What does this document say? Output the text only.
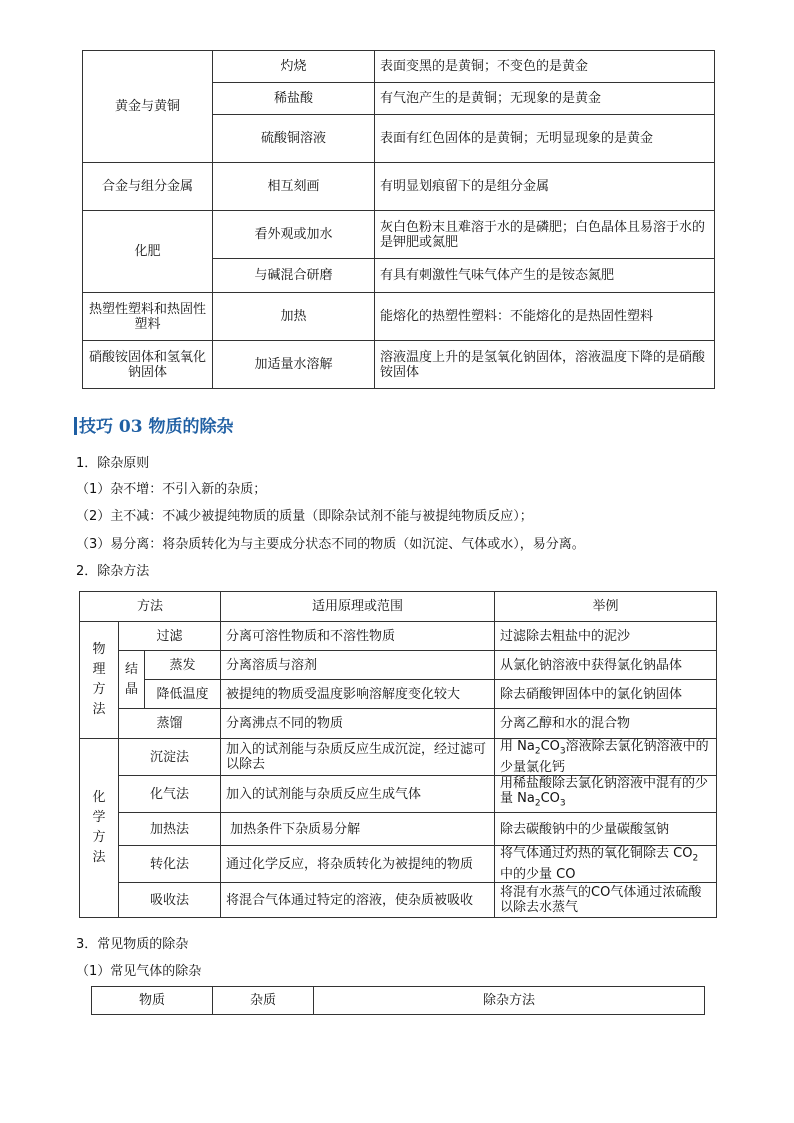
黄金与黄铜	灼烧	表面变黑的是黄铜；不变色的是黄金
	稀盐酸	有气泡产生的是黄铜；无现象的是黄金
	硫酸铜溶液	表面有红色固体的是黄铜；无明显现象的是黄金
合金与组分金属	相互刻画	有明显划痕留下的是组分金属
化肥	看外观或加水	灰白色粉末且难溶于水的是磷肥；白色晶体且易溶于水的是钾肥或氮肥
	与碱混合研磨	有具有刺激性气味气体产生的是铵态氮肥
热塑性塑料和热固性塑料	加热	能熔化的热塑性塑料：不能熔化的是热固性塑料
硝酸铵固体和氢氧化钠固体	加适量水溶解	溶液温度上升的是氢氧化钠固体，溶液温度下降的是硝酸铵固体
技巧 03 物质的除杂
1．除杂原则
（1）杂不增：不引入新的杂质；
（2）主不减：不减少被提纯物质的质量（即除杂试剂不能与被提纯物质反应）；
（3）易分离：将杂质转化为与主要成分状态不同的物质（如沉淀、气体或水），易分离。
2．除杂方法
方法			适用原理或范围	举例
物理方法	过滤		分离可溶性物质和不溶性物质	过滤除去粗盐中的泥沙
	结晶	蒸发	分离溶质与溶剂	从氯化钠溶液中获得氯化钠晶体
		降低温度	被提纯的物质受温度影响溶解度变化较大	除去硝酸钾固体中的氯化钠固体
	蒸馏		分离沸点不同的物质	分离乙醇和水的混合物
化学方法	沉淀法		加入的试剂能与杂质反应生成沉淀，经过滤可以除去	用 $Na_2CO_3$溶液除去氯化钠溶液中的少量氯化钙
	化气法		加入的试剂能与杂质反应生成气体	用稀盐酸除去氯化钠溶液中混有的少量 $Na_2CO_3$
	加热法		加热条件下杂质易分解	除去碳酸钠中的少量碳酸氢钠
	转化法		通过化学反应，将杂质转化为被提纯的物质	将气体通过灼热的氧化铜除去 $CO_2$中的少量 CO
	吸收法		将混合气体通过特定的溶液，使杂质被吸收	将混有水蒸气的CO气体通过浓硫酸以除去水蒸气
3．常见物质的除杂
（1）常见气体的除杂
物质	杂质	除杂方法
